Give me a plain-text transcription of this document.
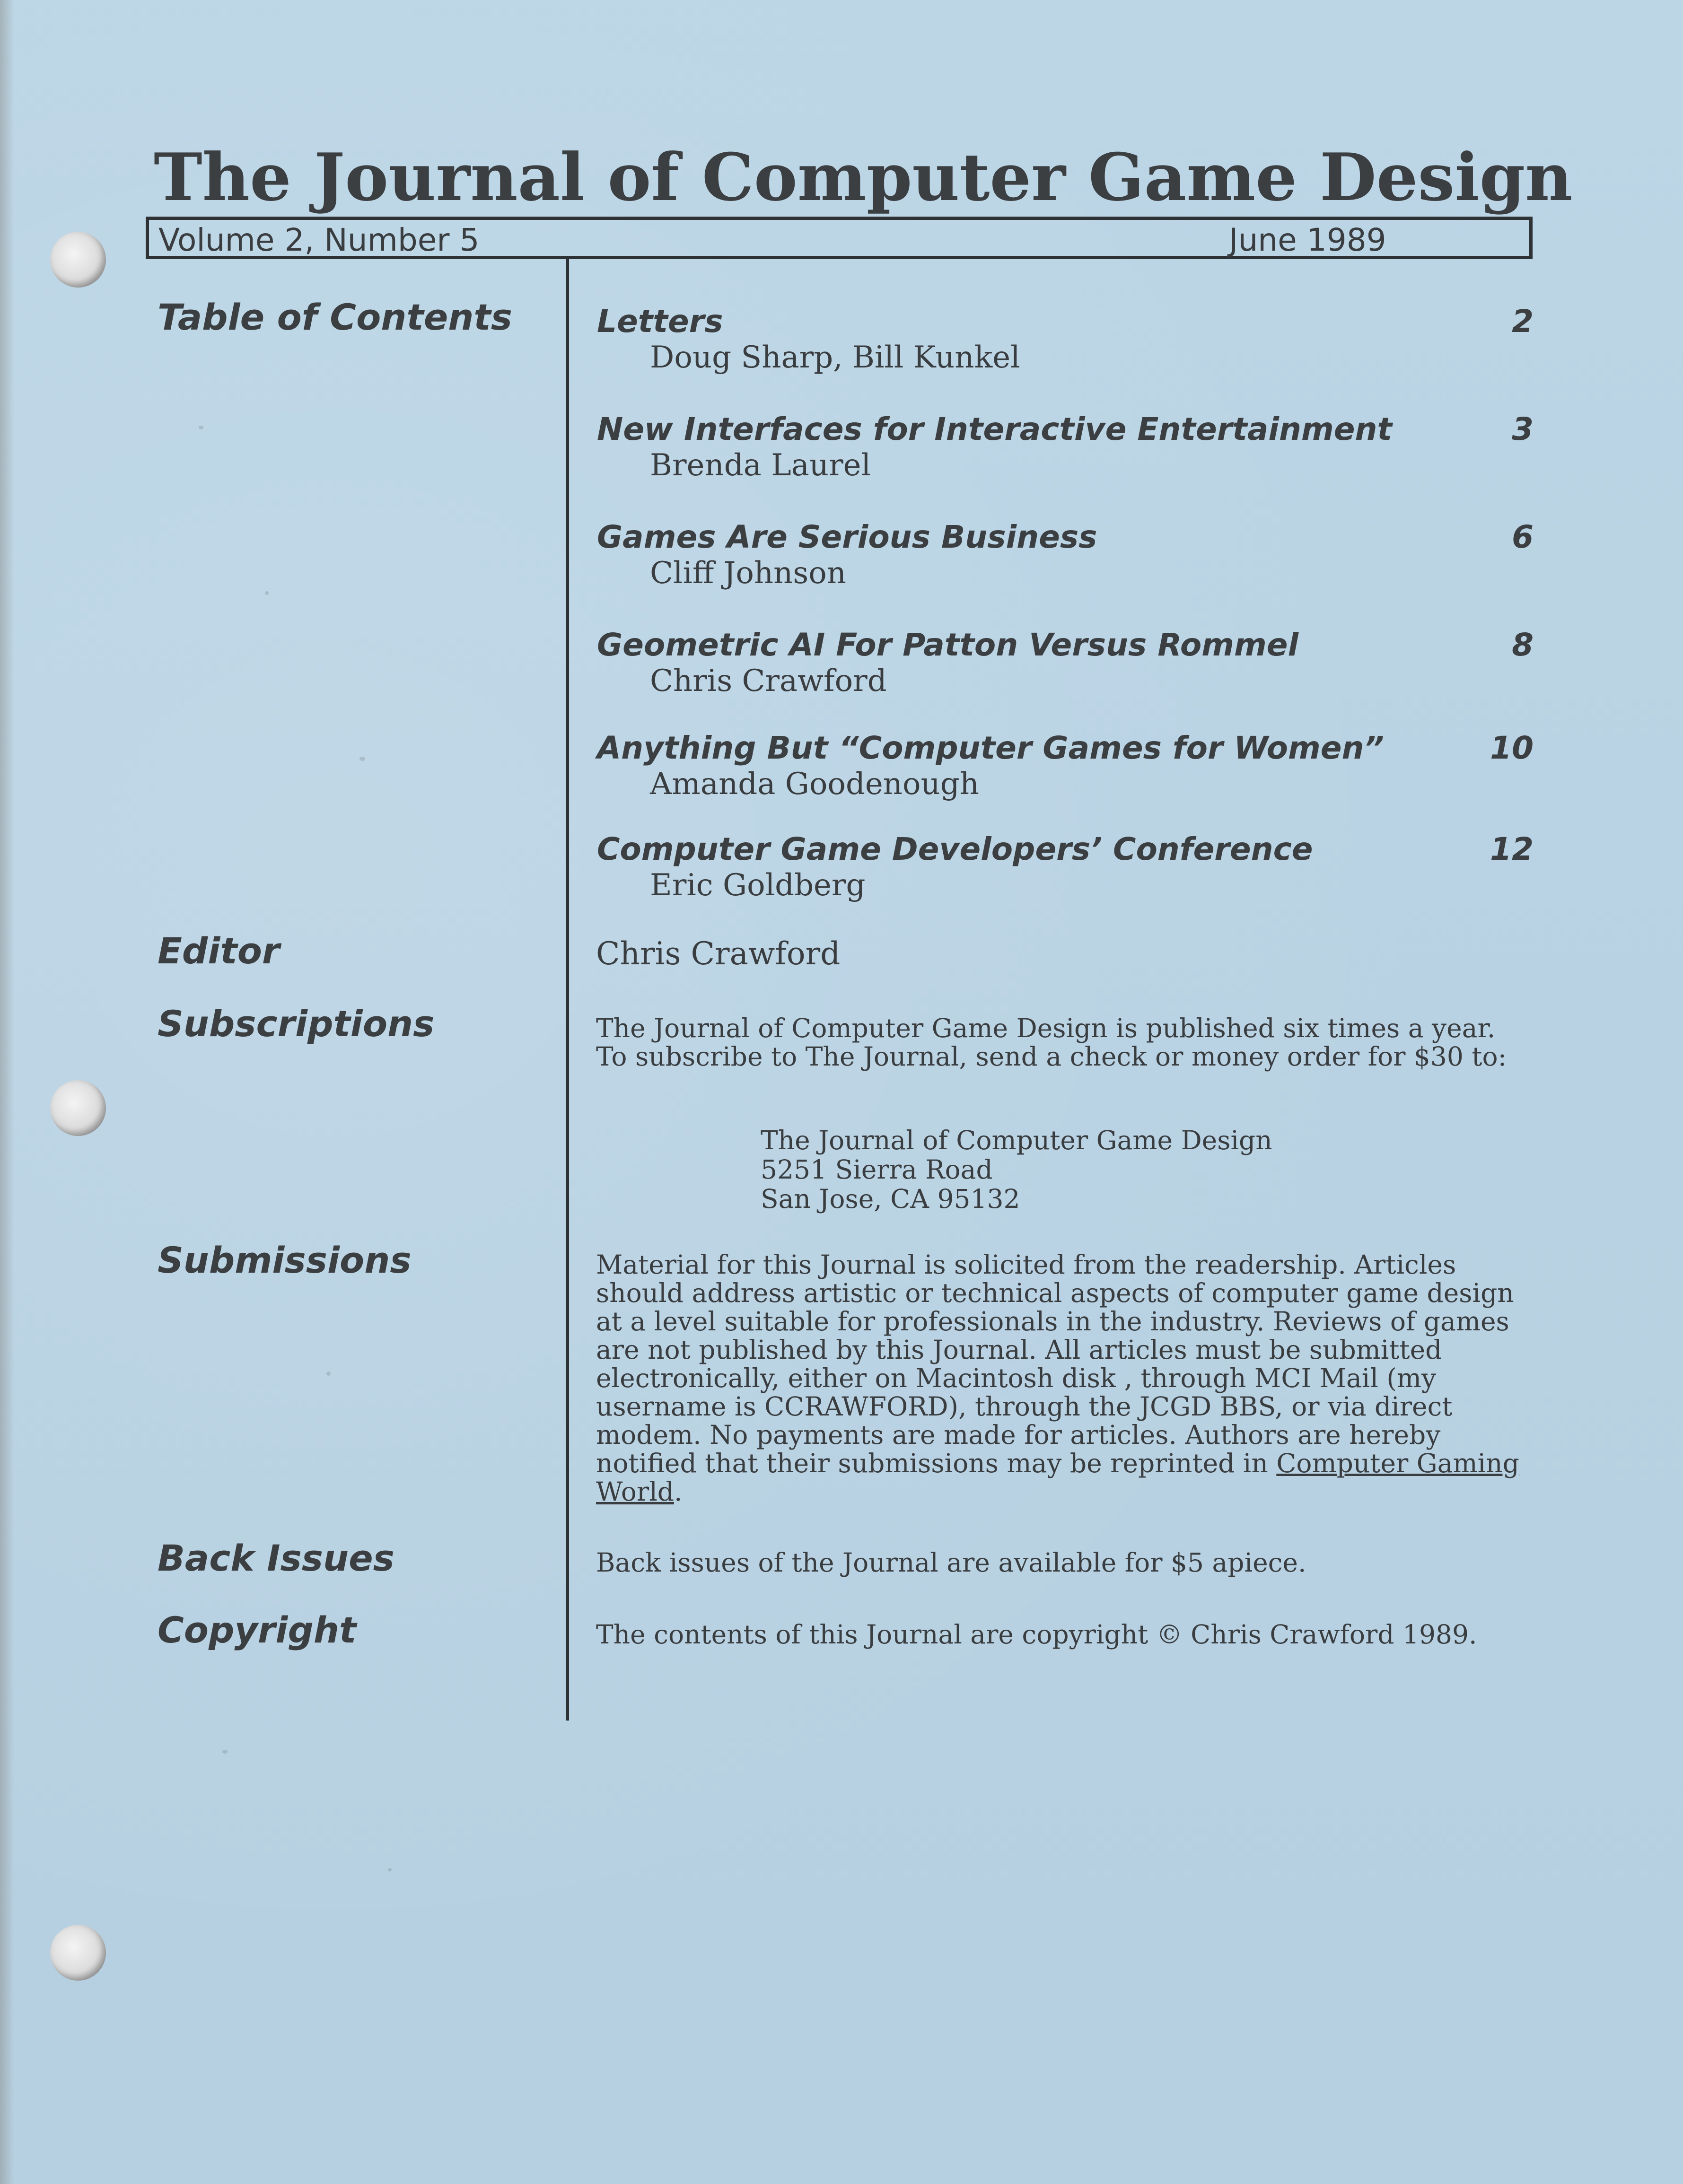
The Journal of Computer Game Design
Volume 2, Number 5	June 1989
Table of Contents
Editor
Subscriptions
Submissions
Back Issues
Copyright
Letters
Doug Sharp, Bill Kunkel
2
New Interfaces for Interactive Entertainment
Brenda Laurel
3
Games Are Serious Business
Cliff Johnson
6
Geometric AI For Patton Versus Rommel
Chris Crawford
8
Anything But “Computer Games for Women”
Amanda Goodenough
10
Computer Game Developers’ Conference
Eric Goldberg
12
Chris Crawford
The Journal of Computer Game Design is published six times a year. To subscribe to The Journal, send a check or money order for $30 to:
The Journal of Computer Game Design
5251 Sierra Road
San Jose, CA 95132
Material for this Journal is solicited from the readership. Articles should address artistic or technical aspects of computer game design at a level suitable for professionals in the industry. Reviews of games are not published by this Journal. All articles must be submitted electronically, either on Macintosh disk , through MCI Mail (my username is CCRAWFORD), through the JCGD BBS, or via direct modem. No payments are made for articles. Authors are hereby notified that their submissions may be reprinted in Computer Gaming World.
Back issues of the Journal are available for $5 apiece.
The contents of this Journal are copyright © Chris Crawford 1989.
